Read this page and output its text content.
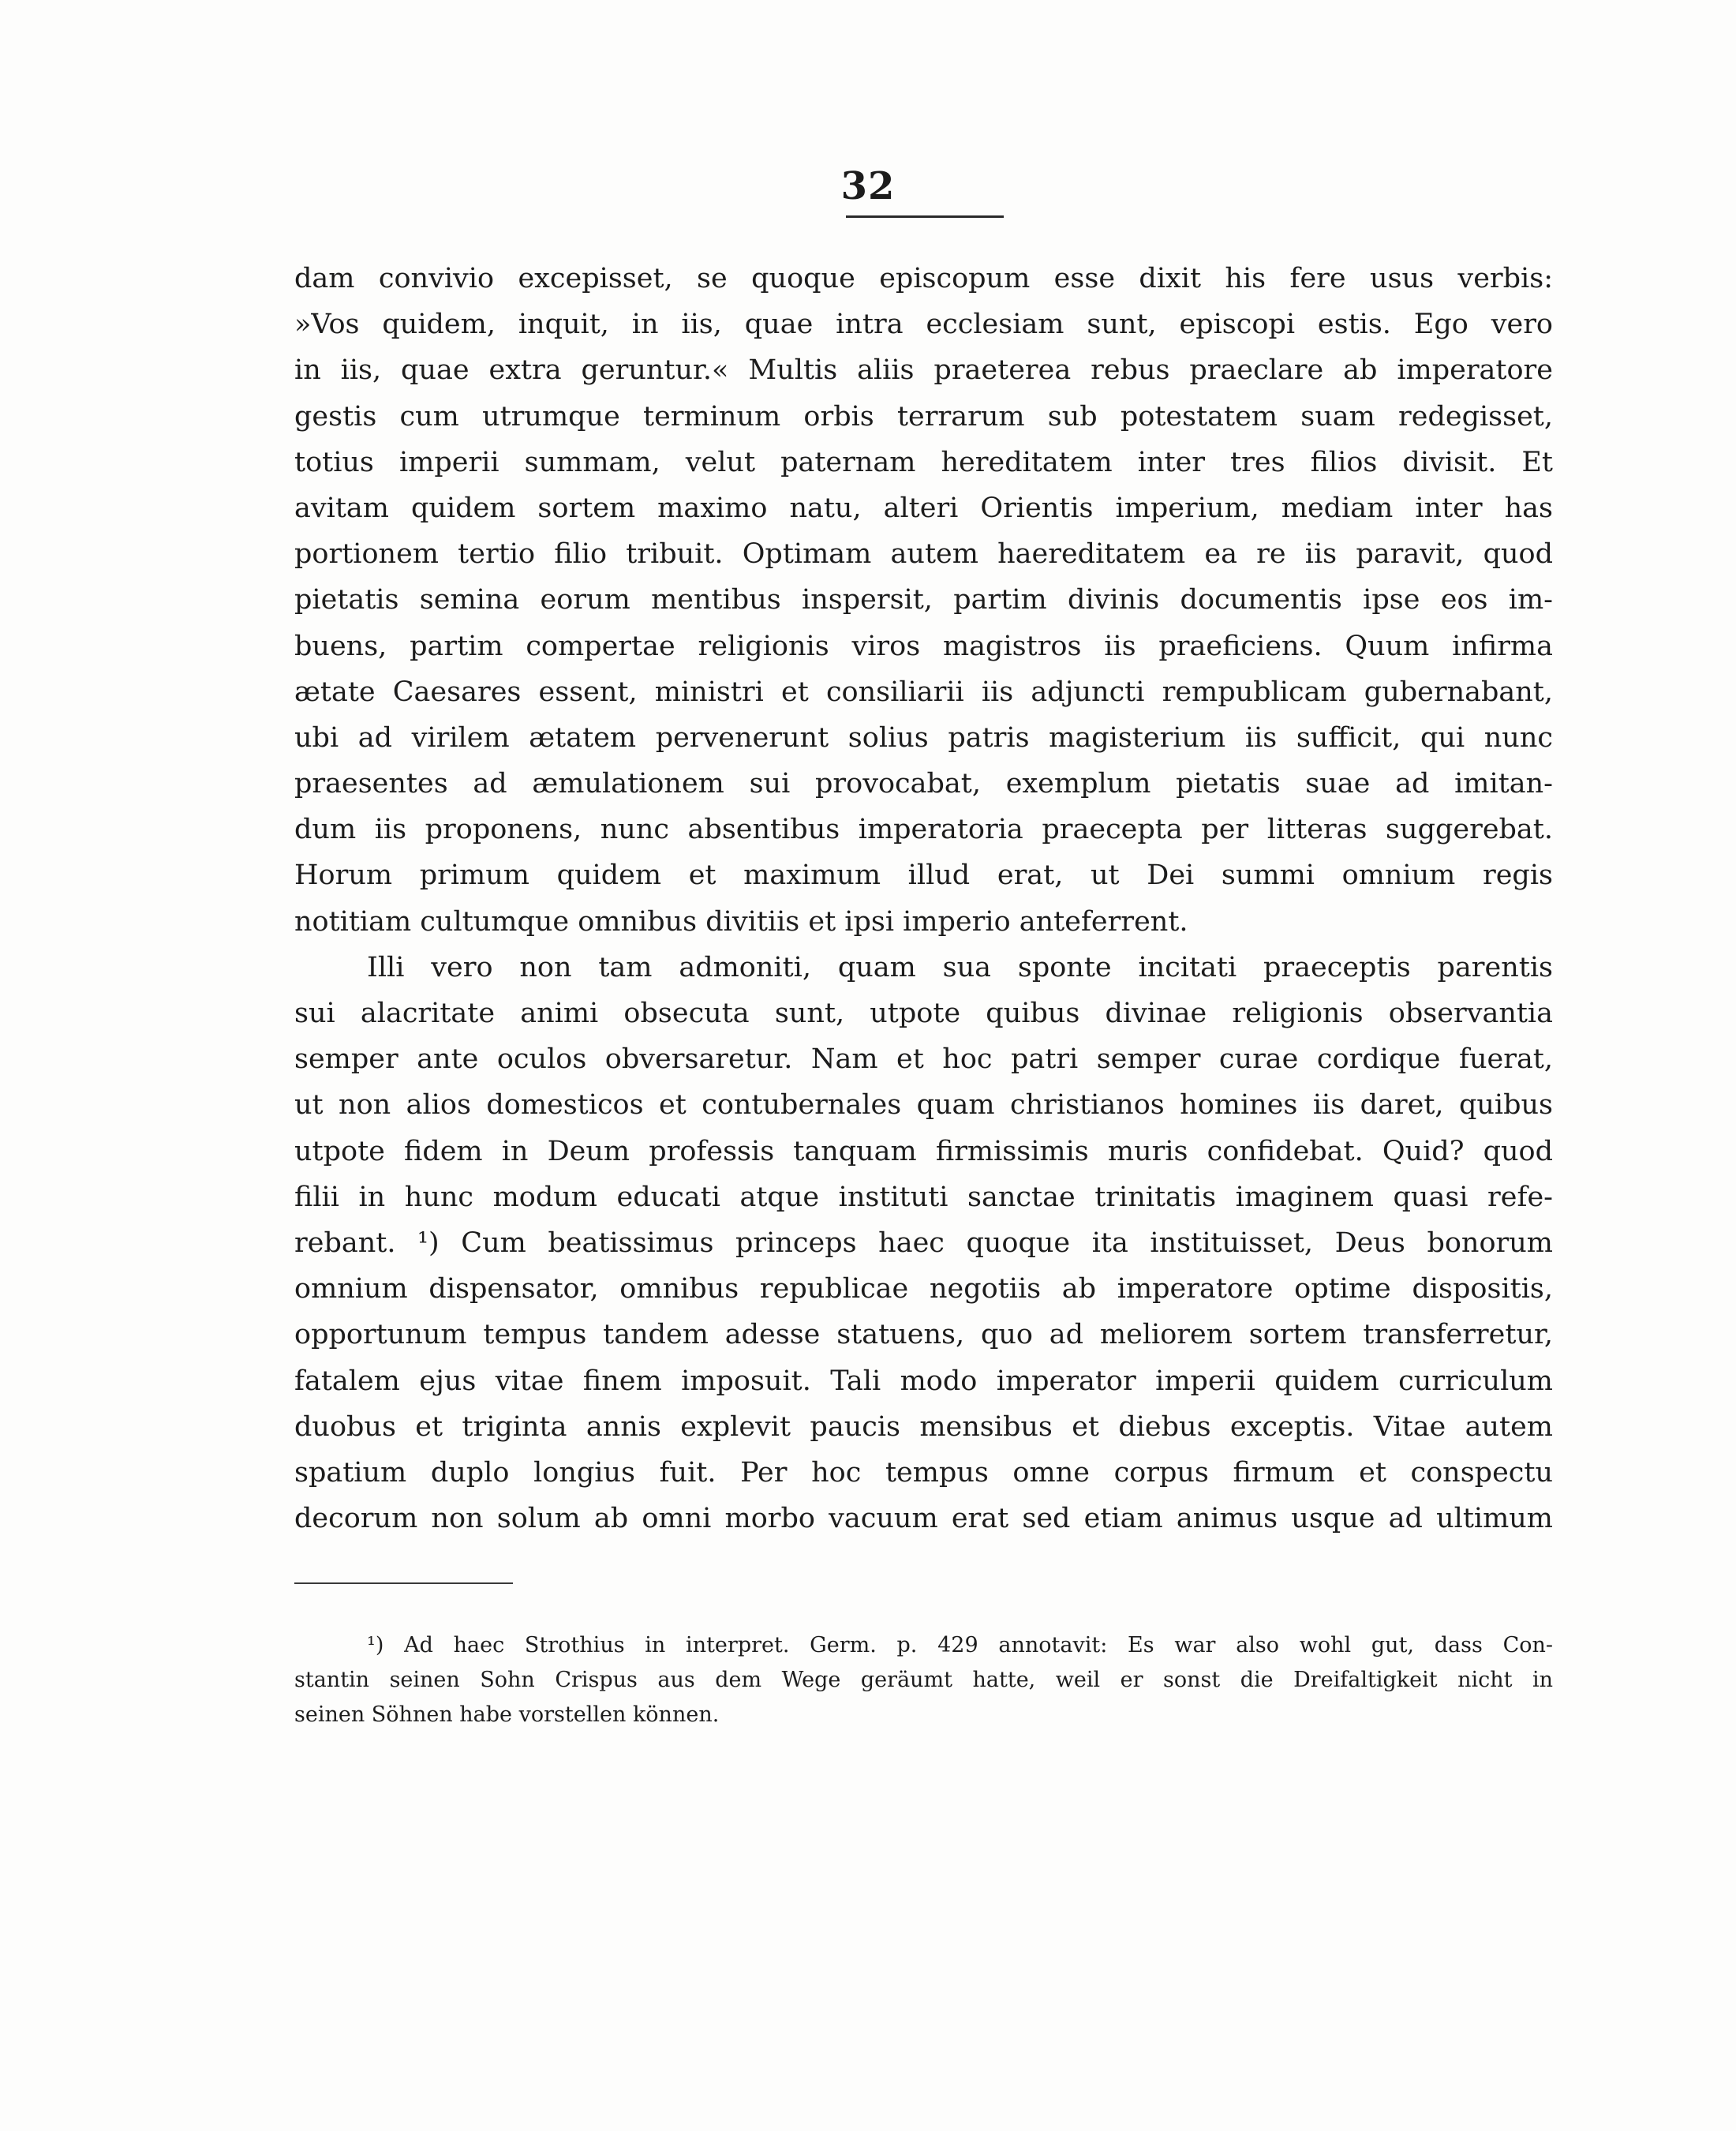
32
dam convivio excepisset, se quoque episcopum esse dixit his fere usus verbis:
»Vos quidem, inquit, in iis, quae intra ecclesiam sunt, episcopi estis. Ego vero
in iis, quae extra geruntur.« Multis aliis praeterea rebus praeclare ab imperatore
gestis cum utrumque terminum orbis terrarum sub potestatem suam redegisset,
totius imperii summam, velut paternam hereditatem inter tres filios divisit. Et
avitam quidem sortem maximo natu, alteri Orientis imperium, mediam inter has
portionem tertio filio tribuit. Optimam autem haereditatem ea re iis paravit, quod
pietatis semina eorum mentibus inspersit, partim divinis documentis ipse eos im-
buens, partim compertae religionis viros magistros iis praeficiens. Quum infirma
ætate Caesares essent, ministri et consiliarii iis adjuncti rempublicam gubernabant,
ubi ad virilem ætatem pervenerunt solius patris magisterium iis sufficit, qui nunc
praesentes ad æmulationem sui provocabat, exemplum pietatis suae ad imitan-
dum iis proponens, nunc absentibus imperatoria praecepta per litteras suggerebat.
Horum primum quidem et maximum illud erat, ut Dei summi omnium regis
notitiam cultumque omnibus divitiis et ipsi imperio anteferrent.
Illi vero non tam admoniti, quam sua sponte incitati praeceptis parentis
sui alacritate animi obsecuta sunt, utpote quibus divinae religionis observantia
semper ante oculos obversaretur. Nam et hoc patri semper curae cordique fuerat,
ut non alios domesticos et contubernales quam christianos homines iis daret, quibus
utpote fidem in Deum professis tanquam firmissimis muris confidebat. Quid? quod
filii in hunc modum educati atque instituti sanctae trinitatis imaginem quasi refe-
rebant. ¹) Cum beatissimus princeps haec quoque ita instituisset, Deus bonorum
omnium dispensator, omnibus republicae negotiis ab imperatore optime dispositis,
opportunum tempus tandem adesse statuens, quo ad meliorem sortem transferretur,
fatalem ejus vitae finem imposuit. Tali modo imperator imperii quidem curriculum
duobus et triginta annis explevit paucis mensibus et diebus exceptis. Vitae autem
spatium duplo longius fuit. Per hoc tempus omne corpus firmum et conspectu
decorum non solum ab omni morbo vacuum erat sed etiam animus usque ad ultimum
¹) Ad haec Strothius in interpret. Germ. p. 429 annotavit: Es war also wohl gut, dass Con-
stantin seinen Sohn Crispus aus dem Wege geräumt hatte, weil er sonst die Dreifaltigkeit nicht in
seinen Söhnen habe vorstellen können.
